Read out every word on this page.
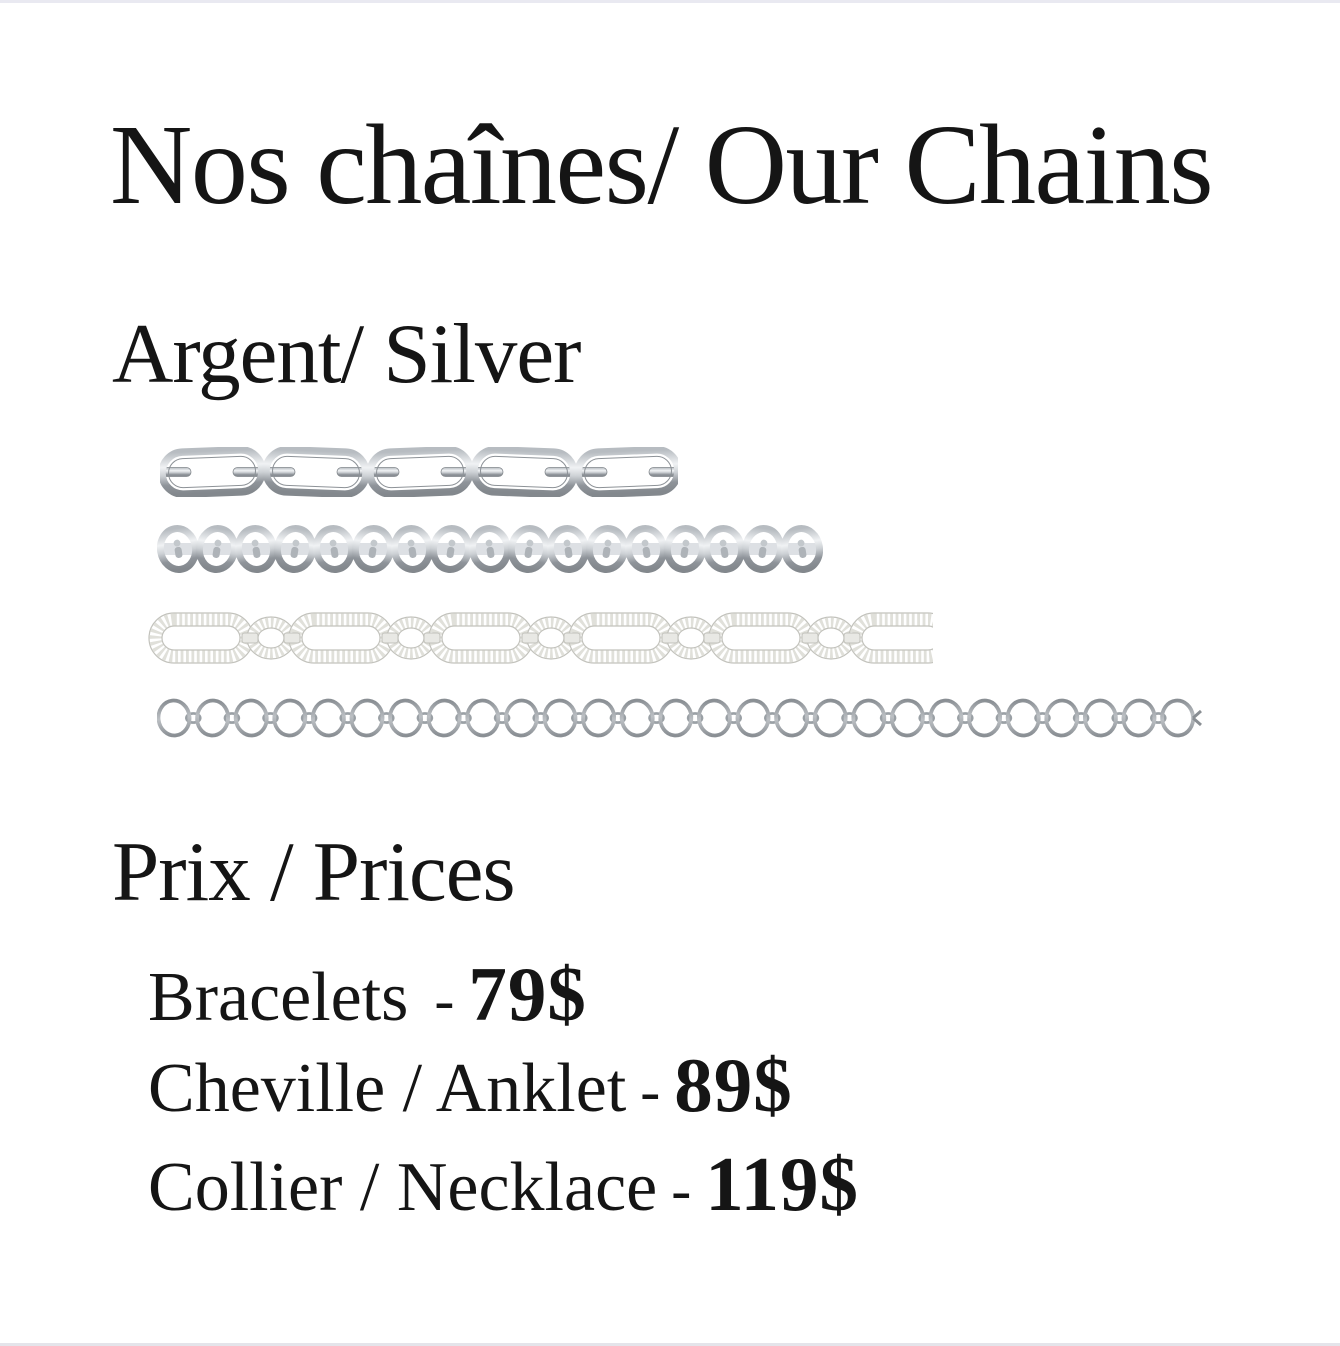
Nos chaînes/ Our Chains
Argent/ Silver
Prix / Prices
Bracelets - 79$
Cheville / Anklet - 89$
Collier / Necklace - 119$
